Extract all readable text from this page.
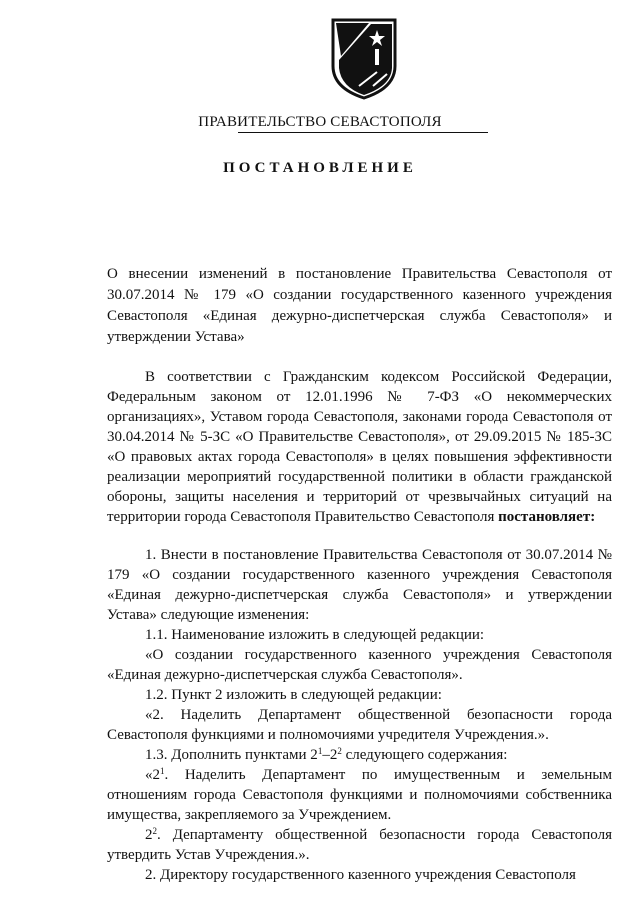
ПРАВИТЕЛЬСТВО СЕВАСТОПОЛЯ
ПОСТАНОВЛЕНИЕ
О внесении изменений в постановление Правительства Севастополя от 30.07.2014 № 179 «О создании государственного казенного учреждения Севастополя «Единая дежурно-диспетчерская служба Севастополя» и утверждении Устава»

В соответствии с Гражданским кодексом Российской Федерации, Федеральным законом от 12.01.1996 № 7-ФЗ «О некоммерческих организациях», Уставом города Севастополя, законами города Севастополя от 30.04.2014 № 5-ЗС «О Правительстве Севастополя», от 29.09.2015 № 185-ЗС «О правовых актах города Севастополя» в целях повышения эффективности реализации мероприятий государственной политики в области гражданской обороны, защиты населения и территорий от чрезвычайных ситуаций на территории города Севастополя Правительство Севастополя постановляет:

1. Внести в постановление Правительства Севастополя от 30.07.2014 № 179 «О создании государственного казенного учреждения Севастополя «Единая дежурно-диспетчерская служба Севастополя» и утверждении Устава» следующие изменения:

1.1. Наименование изложить в следующей редакции:

«О создании государственного казенного учреждения Севастополя «Единая дежурно-диспетчерская служба Севастополя».

1.2. Пункт 2 изложить в следующей редакции:

«2. Наделить Департамент общественной безопасности города Севастополя функциями и полномочиями учредителя Учреждения.».

1.3. Дополнить пунктами $2^1-2^2$ следующего содержания:

«$2^1$. Наделить Департамент по имущественным и земельным отношениям города Севастополя функциями и полномочиями собственника имущества, закрепляемого за Учреждением.

$2^2$. Департаменту общественной безопасности города Севастополя утвердить Устав Учреждения.».

2. Директору государственного казенного учреждения Севастополя
